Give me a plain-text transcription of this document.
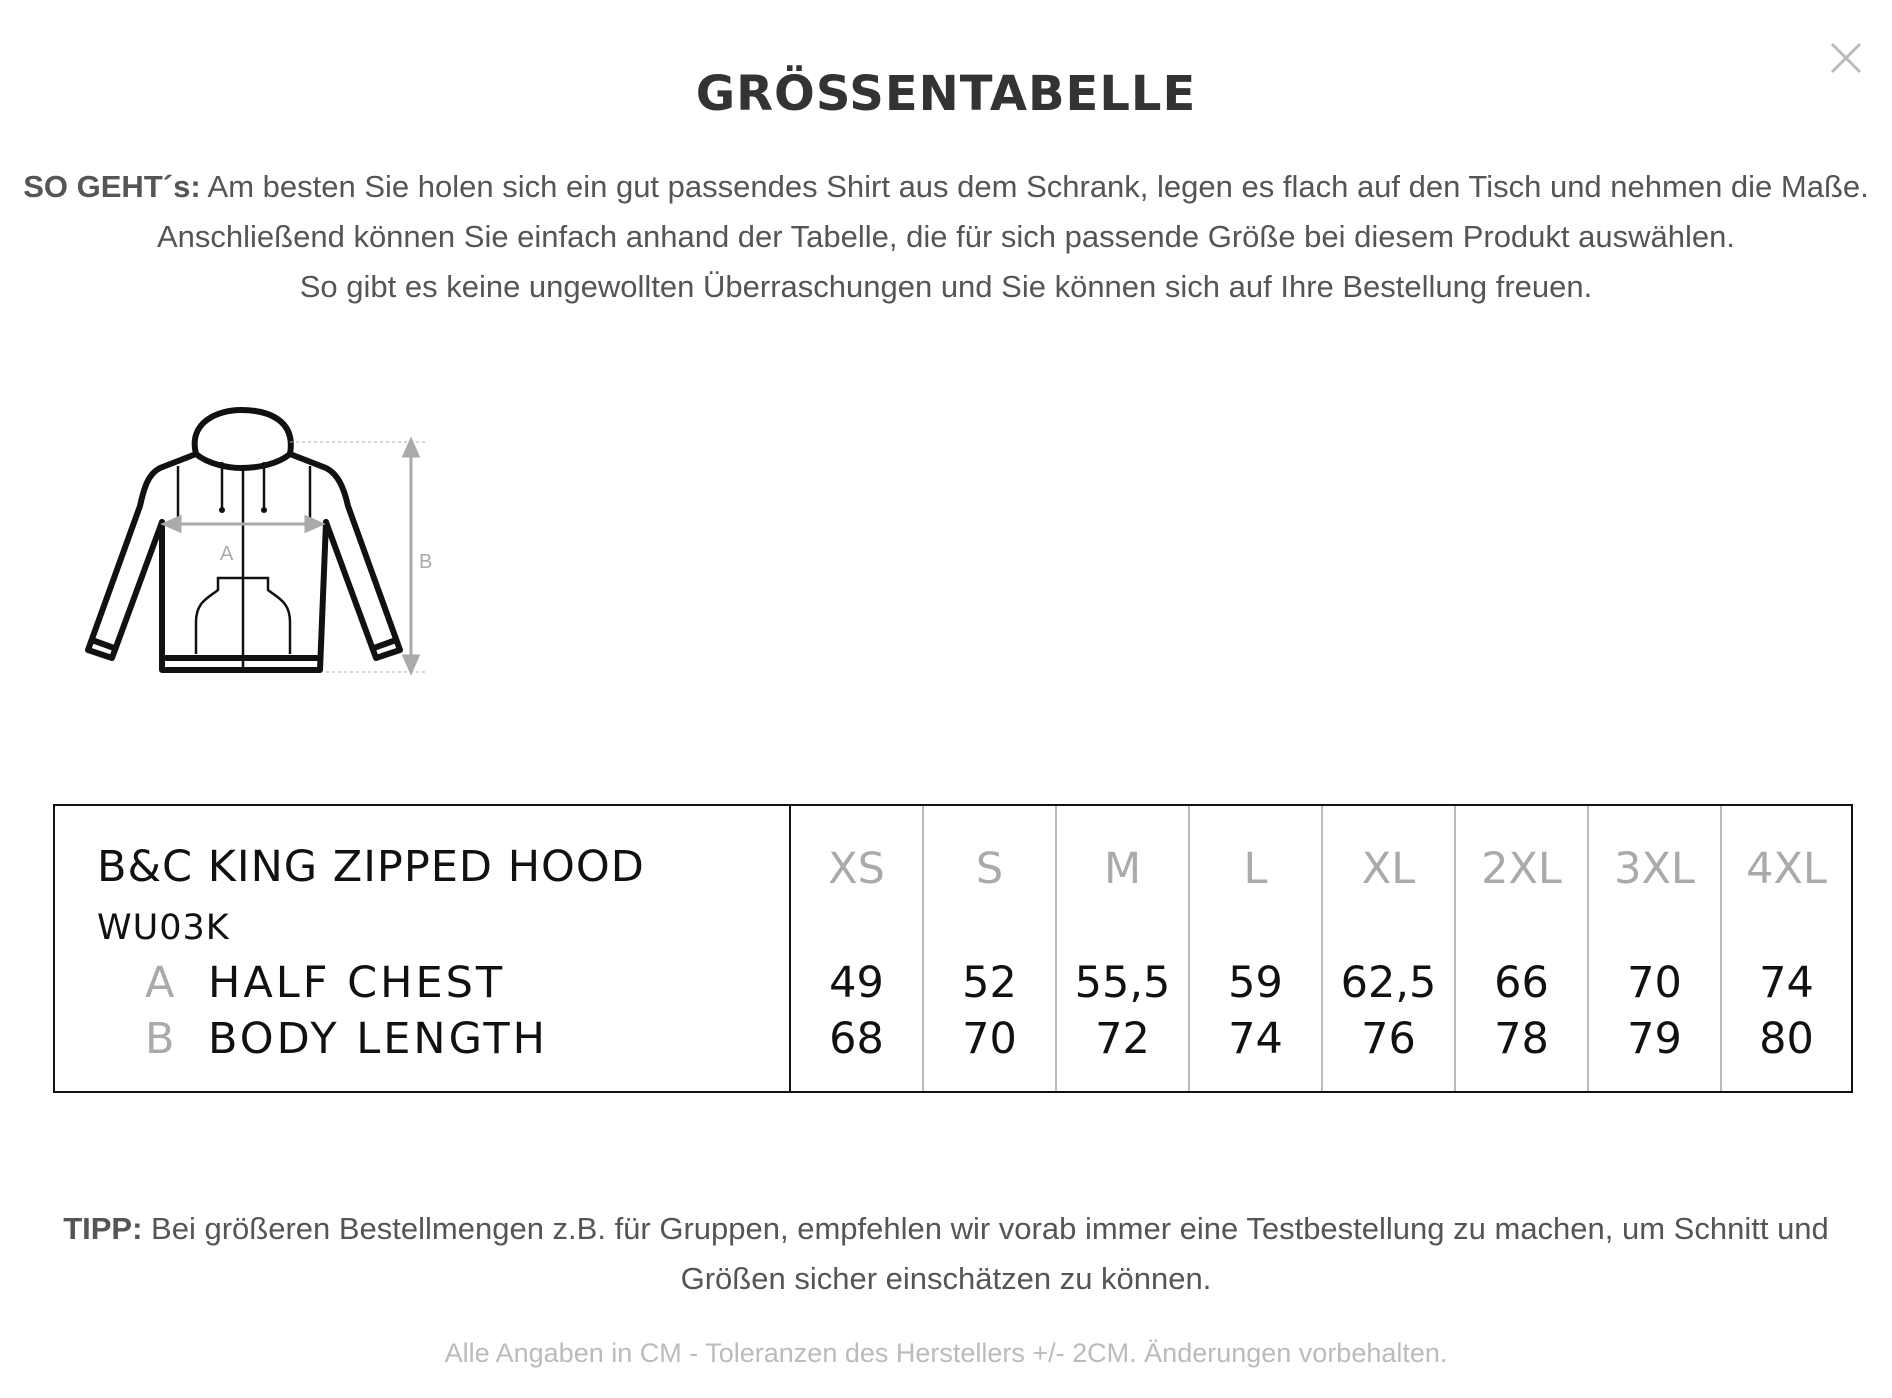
GRÖSSENTABELLE
SO GEHT´s: Am besten Sie holen sich ein gut passendes Shirt aus dem Schrank, legen es flach auf den Tisch und nehmen die Maße.
Anschließend können Sie einfach anhand der Tabelle, die für sich passende Größe bei diesem Produkt auswählen.
So gibt es keine ungewollten Überraschungen und Sie können sich auf Ihre Bestellung freuen.
A	B
B&C KING ZIPPED HOOD
WU03K
A HALF CHEST
B BODY LENGTH
XS
49
68
S
52
70
M
55,5
72
L
59
74
XL
62,5
76
2XL
66
78
3XL
70
79
4XL
74
80
TIPP: Bei größeren Bestellmengen z.B. für Gruppen, empfehlen wir vorab immer eine Testbestellung zu machen, um Schnitt und Größen sicher einschätzen zu können.
Alle Angaben in CM - Toleranzen des Herstellers +/- 2CM. Änderungen vorbehalten.
